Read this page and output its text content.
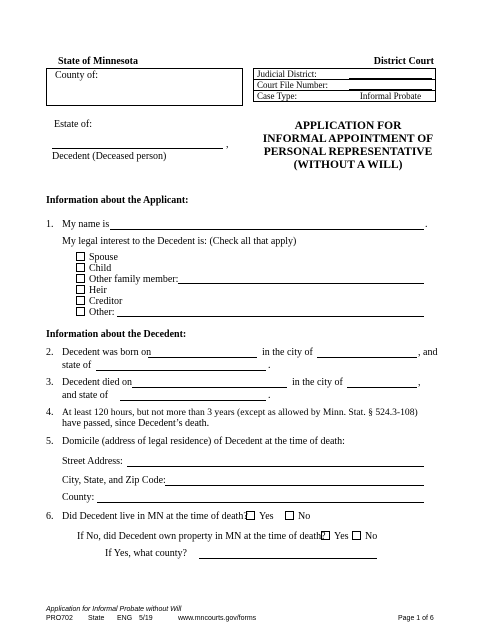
State of Minnesota	District Court
County of:	Judicial District:	

Court File Number:	

Case Type:	Informal Probate
Estate of:
,
Decedent (Deceased person)
APPLICATION FOR
INFORMAL APPOINTMENT OF
PERSONAL REPRESENTATIVE
(WITHOUT A WILL)
Information about the Applicant:
1. My name is	.
My legal interest to the Decedent is: (Check all that apply)
Spouse
Child
Other family member:
Heir
Creditor
Other:
Information about the Decedent:
2. Decedent was born on	in the city of	, and
state of	.
3. Decedent died on	in the city of	,
and state of	.
4. At least 120 hours, but not more than 3 years (except as allowed by Minn. Stat. § 524.3-108)
have passed, since Decedent’s death.
5. Domicile (address of legal residence) of Decedent at the time of death:
Street Address:
City, State, and Zip Code:
County:
6. Did Decedent live in MN at the time of death?	Yes	No
If No, did Decedent own property in MN at the time of death? Yes	No
If Yes, what county?
Application for Informal Probate without Will
PRO702 State ENG 5/19	www.mncourts.gov/forms	Page 1 of 6
